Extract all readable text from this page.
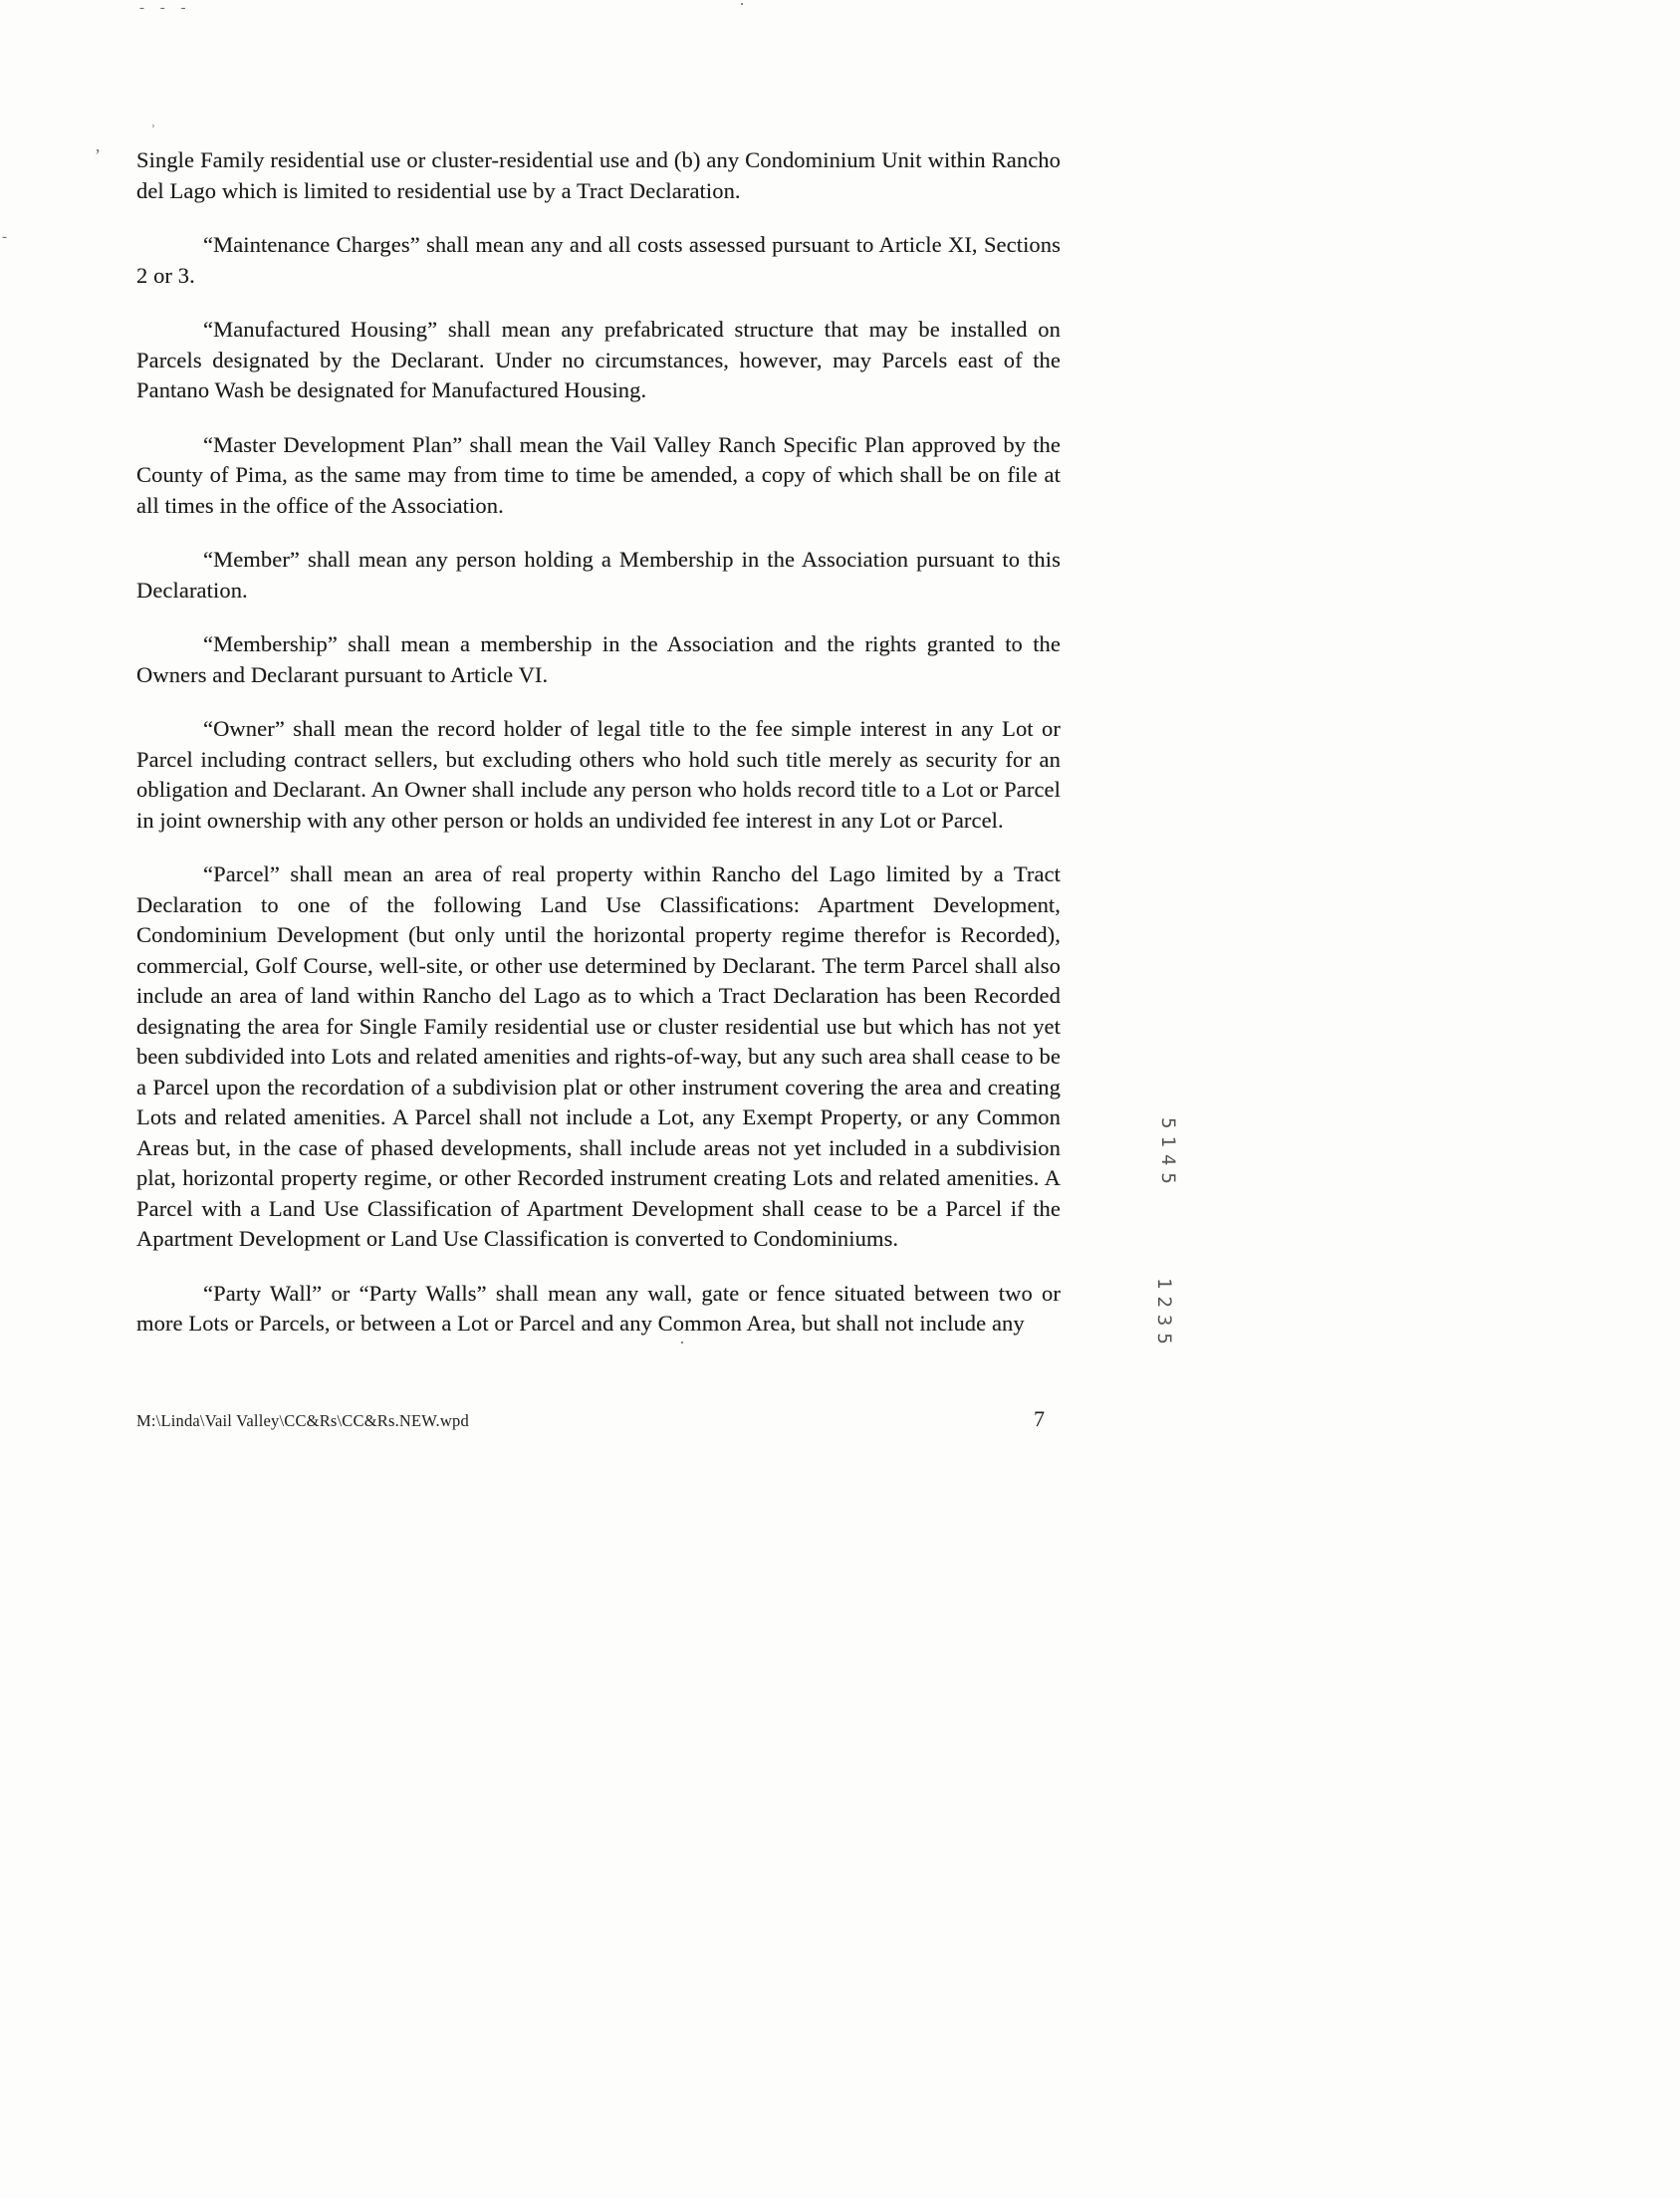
- - -	·
˒
’
-
·

Single Family residential use or cluster-residential use and (b) any Condominium Unit within Rancho del Lago which is limited to residential use by a Tract Declaration.

“Maintenance Charges” shall mean any and all costs assessed pursuant to Article XI, Sections 2 or 3.

“Manufactured Housing” shall mean any prefabricated structure that may be installed on Parcels designated by the Declarant. Under no circumstances, however, may Parcels east of the Pantano Wash be designated for Manufactured Housing.

“Master Development Plan” shall mean the Vail Valley Ranch Specific Plan approved by the County of Pima, as the same may from time to time be amended, a copy of which shall be on file at all times in the office of the Association.

“Member” shall mean any person holding a Membership in the Association pursuant to this Declaration.

“Membership” shall mean a membership in the Association and the rights granted to the Owners and Declarant pursuant to Article VI.

“Owner” shall mean the record holder of legal title to the fee simple interest in any Lot or Parcel including contract sellers, but excluding others who hold such title merely as security for an obligation and Declarant. An Owner shall include any person who holds record title to a Lot or Parcel in joint ownership with any other person or holds an undivided fee interest in any Lot or Parcel.

“Parcel” shall mean an area of real property within Rancho del Lago limited by a Tract Declaration to one of the following Land Use Classifications: Apartment Development, Condominium Development (but only until the horizontal property regime therefor is Recorded), commercial, Golf Course, well-site, or other use determined by Declarant. The term Parcel shall also include an area of land within Rancho del Lago as to which a Tract Declaration has been Recorded designating the area for Single Family residential use or cluster residential use but which has not yet been subdivided into Lots and related amenities and rights-of-way, but any such area shall cease to be a Parcel upon the recordation of a subdivision plat or other instrument covering the area and creating Lots and related amenities. A Parcel shall not include a Lot, any Exempt Property, or any Common Areas but, in the case of phased developments, shall include areas not yet included in a subdivision plat, horizontal property regime, or other Recorded instrument creating Lots and related amenities. A Parcel with a Land Use Classification of Apartment Development shall cease to be a Parcel if the Apartment Development or Land Use Classification is converted to Condominiums.

“Party Wall” or “Party Walls” shall mean any wall, gate or fence situated between two or more Lots or Parcels, or between a Lot or Parcel and any Common Area, but shall not include any

5145
1235
M:\Linda\Vail Valley\CC&Rs\CC&Rs.NEW.wpd	7
